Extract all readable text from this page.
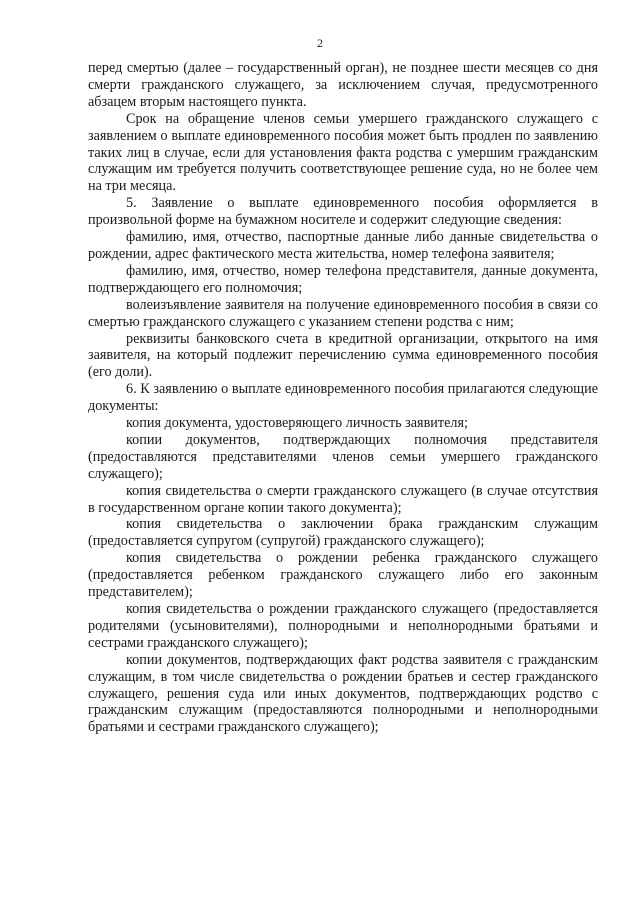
2

перед смертью (далее – государственный орган), не позднее шести месяцев со дня смерти гражданского служащего, за исключением случая, предусмотренного абзацем вторым настоящего пункта.

Срок на обращение членов семьи умершего гражданского служащего с заявлением о выплате единовременного пособия может быть продлен по заявлению таких лиц в случае, если для установления факта родства с умершим гражданским служащим им требуется получить соответствующее решение суда, но не более чем на три месяца.

5. Заявление о выплате единовременного пособия оформляется в произвольной форме на бумажном носителе и содержит следующие сведения:

фамилию, имя, отчество, паспортные данные либо данные свидетельства о рождении, адрес фактического места жительства, номер телефона заявителя;

фамилию, имя, отчество, номер телефона представителя, данные документа, подтверждающего его полномочия;

волеизъявление заявителя на получение единовременного пособия в связи со смертью гражданского служащего с указанием степени родства с ним;

реквизиты банковского счета в кредитной организации, открытого на имя заявителя, на который подлежит перечислению сумма единовременного пособия (его доли).

6. К заявлению о выплате единовременного пособия прилагаются следующие документы:

копия документа, удостоверяющего личность заявителя;

копии документов, подтверждающих полномочия представителя (предоставляются представителями членов семьи умершего гражданского служащего);

копия свидетельства о смерти гражданского служащего (в случае отсутствия в государственном органе копии такого документа);

копия свидетельства о заключении брака гражданским служащим (предоставляется супругом (супругой) гражданского служащего);

копия свидетельства о рождении ребенка гражданского служащего (предоставляется ребенком гражданского служащего либо его законным представителем);

копия свидетельства о рождении гражданского служащего (предоставляется родителями (усыновителями), полнородными и неполнородными братьями и сестрами гражданского служащего);

копии документов, подтверждающих факт родства заявителя с гражданским служащим, в том числе свидетельства о рождении братьев и сестер гражданского служащего, решения суда или иных документов, подтверждающих родство с гражданским служащим (предоставляются полнородными и неполнородными братьями и сестрами гражданского служащего);
